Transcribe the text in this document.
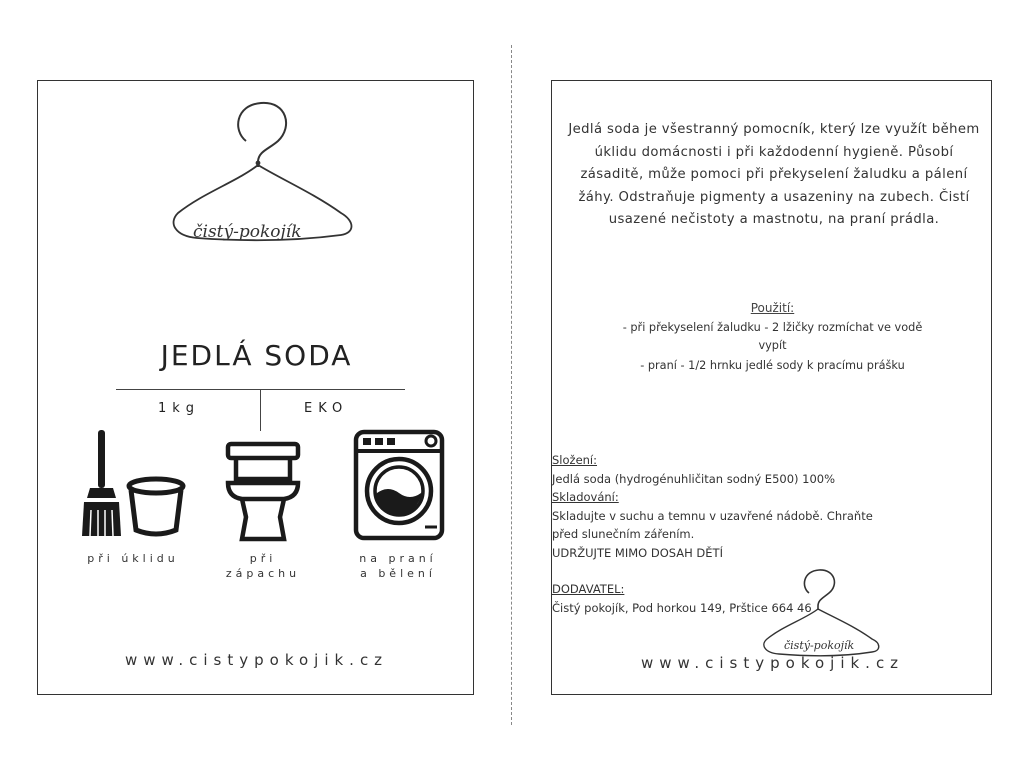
čistý-pokojík
JEDLÁ SODA
1kg	EKO
při úklidu	při
zápachu
na praní
a bělení
www.cistypokojik.cz
Jedlá soda je všestranný pomocník, který lze využít během úklidu domácnosti i při každodenní hygieně. Působí zásaditě, může pomoci při překyselení žaludku a pálení žáhy. Odstraňuje pigmenty a usazeniny na zubech. Čistí usazené nečistoty a mastnotu, na praní prádla.
Použití:
- při překyselení žaludku - 2 lžičky rozmíchat ve vodě
vypít
- praní - 1/2 hrnku jedlé sody k pracímu prášku
Složení:
Jedlá soda (hydrogénuhličitan sodný E500) 100%
Skladování:
Skladujte v suchu a temnu v uzavřené nádobě. Chraňte
před slunečním zářením.
UDRŽUJTE MIMO DOSAH DĚTÍ
DODAVATEL:
Čistý pokojík, Pod horkou 149, Prštice 664 46
čistý-pokojík
www.cistypokojik.cz
